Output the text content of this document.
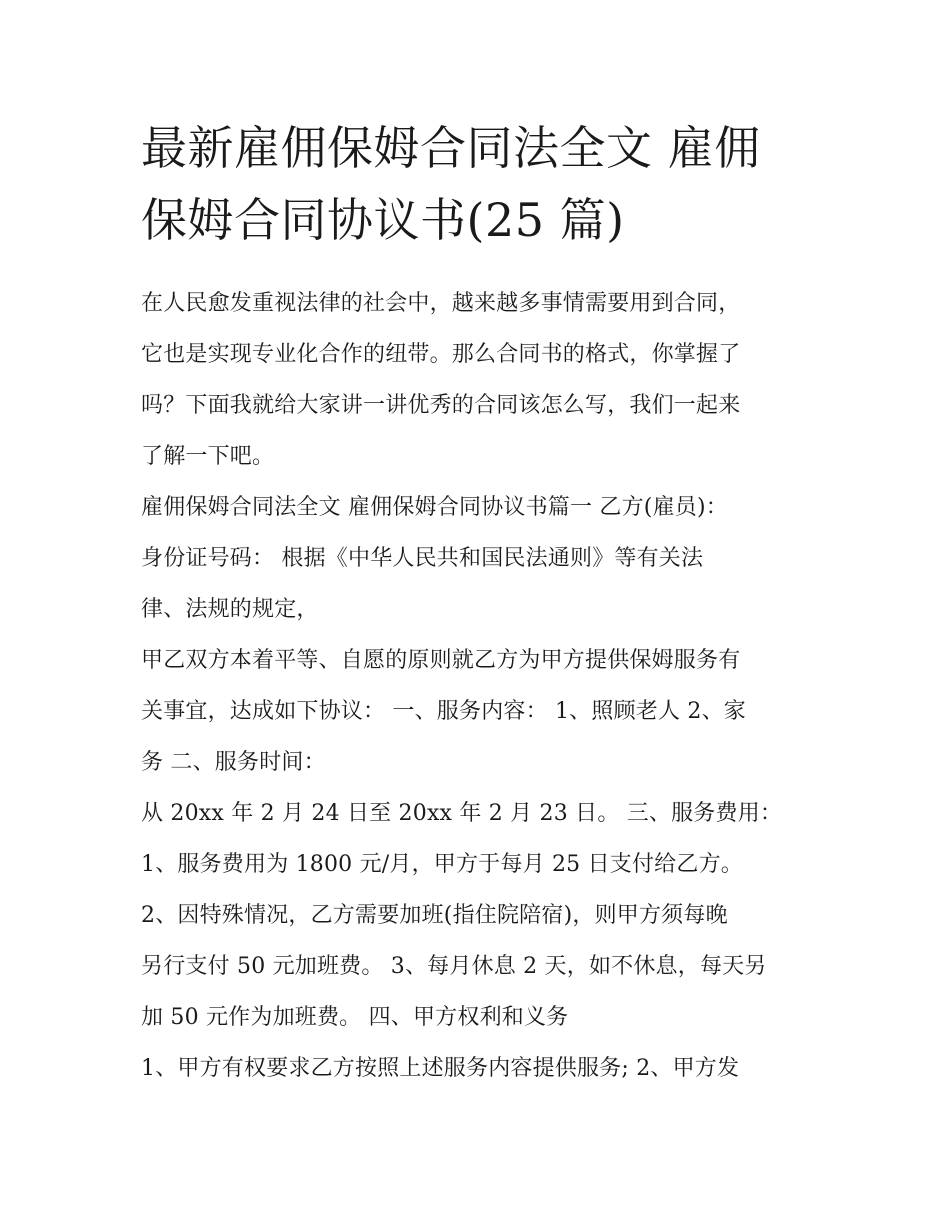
最新雇佣保姆合同法全文 雇佣
保姆合同协议书(25 篇)
在人民愈发重视法律的社会中，越来越多事情需要用到合同，
它也是实现专业化合作的纽带。那么合同书的格式，你掌握了
吗？下面我就给大家讲一讲优秀的合同该怎么写，我们一起来
了解一下吧。
雇佣保姆合同法全文 雇佣保姆合同协议书篇一 乙方(雇员)：
身份证号码： 根据《中华人民共和国民法通则》等有关法
律、法规的规定，
甲乙双方本着平等、自愿的原则就乙方为甲方提供保姆服务有
关事宜，达成如下协议： 一、服务内容： 1、照顾老人 2、家
务 二、服务时间：
从 20xx 年 2 月 24 日至 20xx 年 2 月 23 日。 三、服务费用：
1、服务费用为 1800 元/月，甲方于每月 25 日支付给乙方。
2、因特殊情况，乙方需要加班(指住院陪宿)，则甲方须每晚
另行支付 50 元加班费。 3、每月休息 2 天，如不休息，每天另
加 50 元作为加班费。 四、甲方权利和义务
1、甲方有权要求乙方按照上述服务内容提供服务; 2、甲方发
